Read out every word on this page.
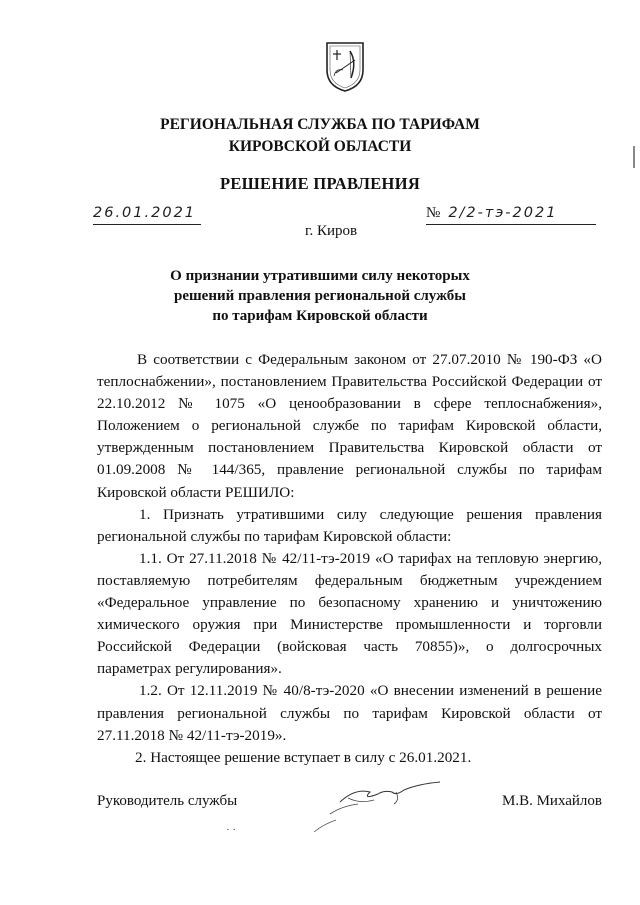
РЕГИОНАЛЬНАЯ СЛУЖБА ПО ТАРИФАМ
КИРОВСКОЙ ОБЛАСТИ
РЕШЕНИЕ ПРАВЛЕНИЯ
26.01.2021	№ 2/2-тэ-2021
г. Киров
О признании утратившими силу некоторых
решений правления региональной службы
по тарифам Кировской области

В соответствии с Федеральным законом от 27.07.2010 № 190-ФЗ «О теплоснабжении», постановлением Правительства Российской Федерации от 22.10.2012 № 1075 «О ценообразовании в сфере теплоснабжения», Положением о региональной службе по тарифам Кировской области, утвержденным постановлением Правительства Кировской области от 01.09.2008 № 144/365, правление региональной службы по тарифам Кировской области РЕШИЛО:

1. Признать утратившими силу следующие решения правления региональной службы по тарифам Кировской области:

1.1. От 27.11.2018 № 42/11-тэ-2019 «О тарифах на тепловую энергию, поставляемую потребителям федеральным бюджетным учреждением «Федеральное управление по безопасному хранению и уничтожению химического оружия при Министерстве промышленности и торговли Российской Федерации (войсковая часть 70855)», о долгосрочных параметрах регулирования».

1.2. От 12.11.2019 № 40/8-тэ-2020 «О внесении изменений в решение правления региональной службы по тарифам Кировской области от 27.11.2018 № 42/11-тэ-2019».

2. Настоящее решение вступает в силу с 26.01.2021.

Руководитель службы	М.В. Михайлов
· ·
